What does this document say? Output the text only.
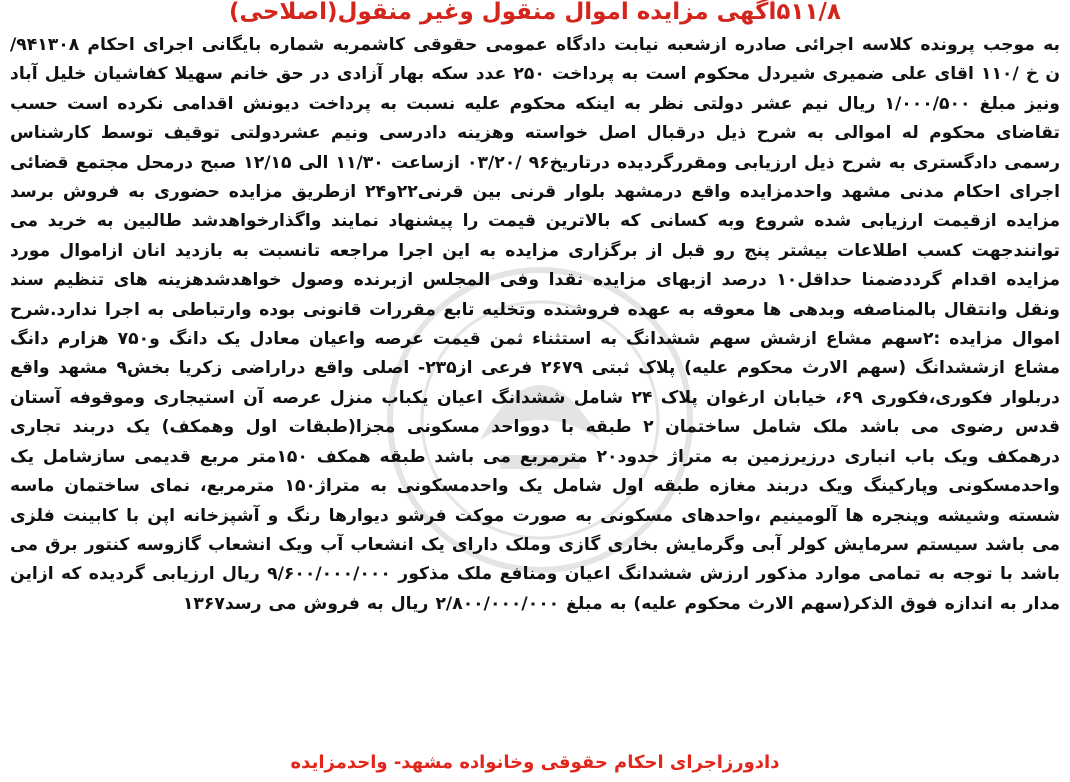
۵۱۱/۸آگهی مزایده اموال منقول وغیر منقول(اصلاحی)

به موجب پرونده کلاسه اجرائی صادره ازشعبه نیابت دادگاه عمومی حقوقی کاشمربه شماره بایگانی اجرای احکام ۹۴۱۳۰۸/ ن خ /۱۱۰ اقای علی ضمیری شیردل محکوم است به پرداخت ۲۵۰ عدد سکه بهار آزادی در حق خانم سهیلا کفاشیان خلیل آباد ونیز مبلغ ۱/۰۰۰/۵۰۰ ریال نیم عشر دولتی نظر به اینکه محکوم علیه نسبت به پرداخت دیونش اقدامی نکرده است حسب تقاضای محکوم له اموالی به شرح ذیل درقبال اصل خواسته وهزینه دادرسی ونیم عشردولتی توقیف توسط کارشناس رسمی دادگستری به شرح ذیل ارزیابی ومقررگردیده درتاریخ۹۶ /۰۳/۲۰ ازساعت ۱۱/۳۰ الی ۱۲/۱۵ صبح درمحل مجتمع قضائی اجرای احکام مدنی مشهد واحدمزایده واقع درمشهد بلوار قرنی بین قرنی۲۲و۲۴ ازطریق مزایده حضوری به فروش برسد مزایده ازقیمت ارزیابی شده شروع وبه کسانی که بالاترین قیمت را پیشنهاد نمایند واگذارخواهدشد طالبین به خرید می توانندجهت کسب اطلاعات بیشتر پنج رو قبل از برگزاری مزایده به این اجرا مراجعه تانسبت به بازدید انان ازاموال مورد مزایده اقدام گرددضمنا حداقل۱۰ درصد ازبهای مزایده نقدا وفی المجلس ازبرنده وصول خواهدشدهزینه های تنظیم سند ونقل وانتقال بالمناصفه وبدهی ها معوقه به عهده فروشنده وتخلیه تابع مقررات قانونی بوده وارتباطی به اجرا ندارد.شرح اموال مزایده :۲سهم مشاع ازشش سهم ششدانگ به استثناء ثمن قیمت عرصه واعیان معادل یک دانگ و۷۵۰ هزارم دانگ مشاع ازششدانگ (سهم الارث محکوم علیه) پلاک ثبتی ۲۶۷۹ فرعی از۲۳۵- اصلی واقع دراراضی زکریا بخش۹ مشهد واقع دربلوار فکوری،فکوری ۶۹، خیابان ارغوان پلاک ۲۴ شامل ششدانگ اعیان یکباب منزل عرصه آن استیجاری وموقوفه آستان قدس رضوی می باشد ملک شامل ساختمان ۲ طبقه با دوواحد مسکونی مجزا(طبقات اول وهمکف) یک دربند تجاری درهمکف ویک باب انباری درزیرزمین به متراژ حدود۲۰ مترمربع می باشد طبقه همکف ۱۵۰متر مربع قدیمی سازشامل یک واحدمسکونی وپارکینگ ویک دربند مغازه طبقه اول شامل یک واحدمسکونی به متراژ۱۵۰ مترمربع، نمای ساختمان ماسه شسته وشیشه وپنجره ها آلومینیم ،واحدهای مسکونی به صورت موکت فرشو دیوارها رنگ و آشپزخانه اپن با کابینت فلزی می باشد سیستم سرمایش کولر آبی وگرمایش بخاری گازی وملک دارای یک انشعاب آب ویک انشعاب گازوسه کنتور برق می باشد با توجه به تمامی موارد مذکور ارزش ششدانگ اعیان ومنافع ملک مذکور ۹/۶۰۰/۰۰۰/۰۰۰ ریال ارزیابی گردیده که ازاین مدار به اندازه فوق الذکر(سهم الارث محکوم علیه) به مبلغ ۲/۸۰۰/۰۰۰/۰۰۰ ریال به فروش می رسد۱۳۶۷

دادورزاجرای احکام حقوقی وخانواده مشهد- واحدمزایده
